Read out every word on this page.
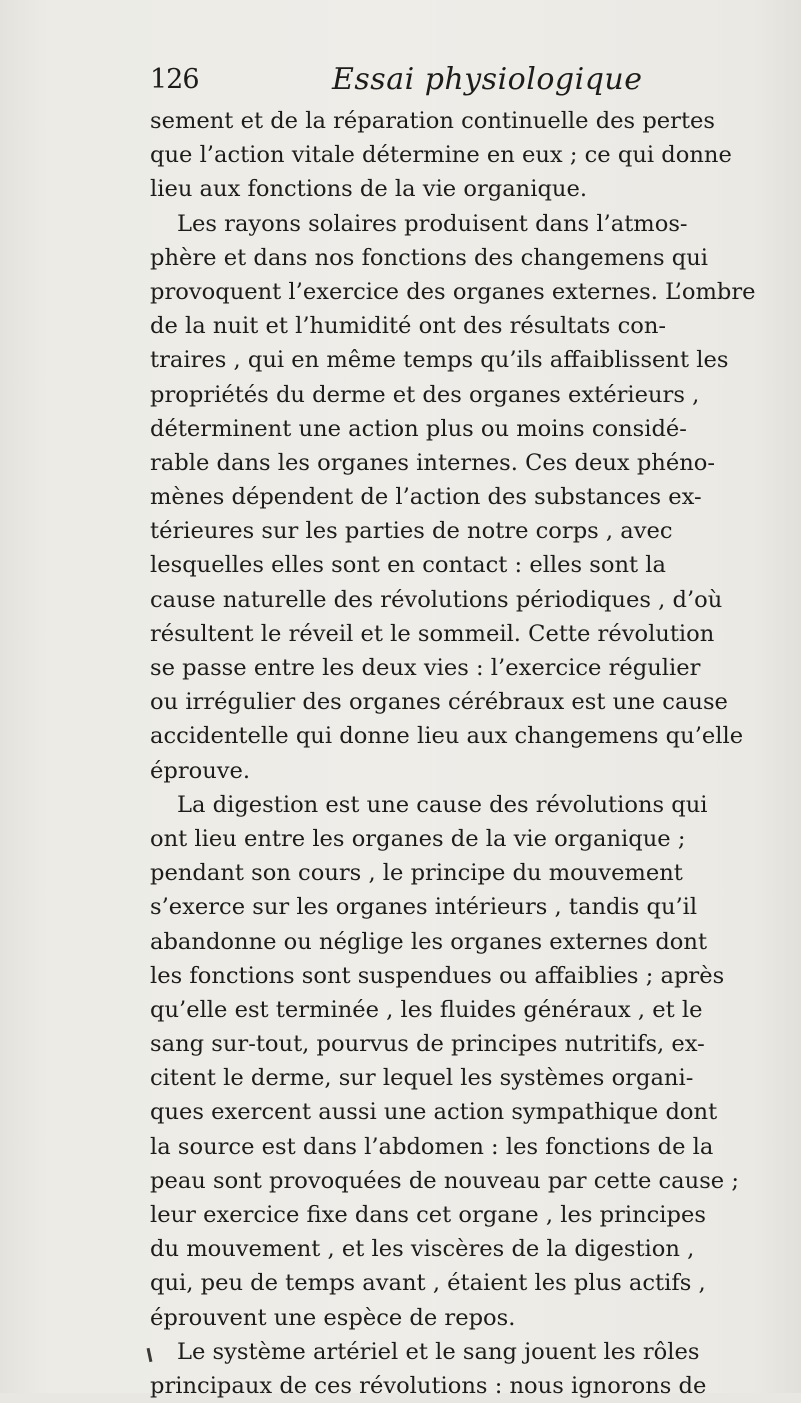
126	Essai physiologique
sement et de la réparation continuelle des pertes
que l’action vitale détermine en eux ; ce qui donne
lieu aux fonctions de la vie organique.
Les rayons solaires produisent dans l’atmos-
phère et dans nos fonctions des changemens qui
provoquent l’exercice des organes externes. L’ombre
de la nuit et l’humidité ont des résultats con-
traires , qui en même temps qu’ils affaiblissent les
propriétés du derme et des organes extérieurs ,
déterminent une action plus ou moins considé-
rable dans les organes internes. Ces deux phéno-
mènes dépendent de l’action des substances ex-
térieures sur les parties de notre corps , avec
lesquelles elles sont en contact : elles sont la
cause naturelle des révolutions périodiques , d’où
résultent le réveil et le sommeil. Cette révolution
se passe entre les deux vies : l’exercice régulier
ou irrégulier des organes cérébraux est une cause
accidentelle qui donne lieu aux changemens qu’elle
éprouve.
La digestion est une cause des révolutions qui
ont lieu entre les organes de la vie organique ;
pendant son cours , le principe du mouvement
s’exerce sur les organes intérieurs , tandis qu’il
abandonne ou néglige les organes externes dont
les fonctions sont suspendues ou affaiblies ; après
qu’elle est terminée , les fluides généraux , et le
sang sur-tout, pourvus de principes nutritifs, ex-
citent le derme, sur lequel les systèmes organi-
ques exercent aussi une action sympathique dont
la source est dans l’abdomen : les fonctions de la
peau sont provoquées de nouveau par cette cause ;
leur exercice fixe dans cet organe , les principes
du mouvement , et les viscères de la digestion ,
qui, peu de temps avant , étaient les plus actifs ,
éprouvent une espèce de repos.
Le système artériel et le sang jouent les rôles
principaux de ces révolutions : nous ignorons de
